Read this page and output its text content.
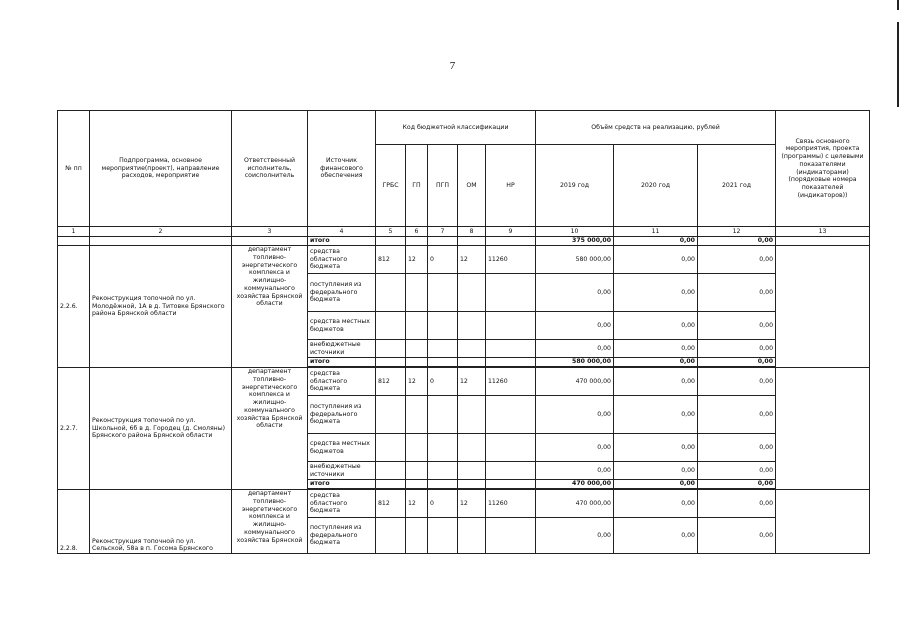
7
№ пп	Подпрограмма, основное мероприятие(проект), направление расходов, мероприятие	Ответственный исполнитель, соисполнитель	Источник финансового обеспечения	Код бюджетной классификации					Объём средств на реализацию, рублей			Связь основного мероприятия, проекта (программы) с целевыми показателями (индикаторами) (порядковые номера показателей (индикаторов))
				ГРБС	ГП	ПГП	ОМ	НР	2019 год	2020 год	2021 год	
1	2	3	4	5	6	7	8	9	10	11	12	13
			итого						375 000,00	0,00	0,00	
2.2.6.	Реконструкция топочной по ул. Молодёжной, 1А в д. Титовке Брянского района Брянской области	департамент топливно-энергетического комплекса и жилищно-коммунального хозяйства Брянской области	средства областного бюджета	812	12	0	12	11260	580 000,00	0,00	0,00	
			поступления из федерального бюджета						0,00	0,00	0,00	
			средства местных бюджетов						0,00	0,00	0,00	
			внебюджетные источники						0,00	0,00	0,00	
			итого						580 000,00	0,00	0,00	

2.2.7.	Реконструкция топочной по ул. Школьной, 6б в д. Городец (д. Смоляны) Брянского района Брянской области	департамент топливно-энергетического комплекса и жилищно-коммунального хозяйства Брянской области	средства областного бюджета	812	12	0	12	11260	470 000,00	0,00	0,00	
			поступления из федерального бюджета						0,00	0,00	0,00	
			средства местных бюджетов						0,00	0,00	0,00	
			внебюджетные источники						0,00	0,00	0,00	
			итого						470 000,00	0,00	0,00	

2.2.8.	Реконструкция топочной по ул. Сельской, 58а в п. Госома Брянского	департамент топливно-энергетического комплекса и жилищно-коммунального хозяйства Брянской	средства областного бюджета	812	12	0	12	11260	470 000,00	0,00	0,00	
			поступления из федерального бюджета						0,00	0,00	0,00	
